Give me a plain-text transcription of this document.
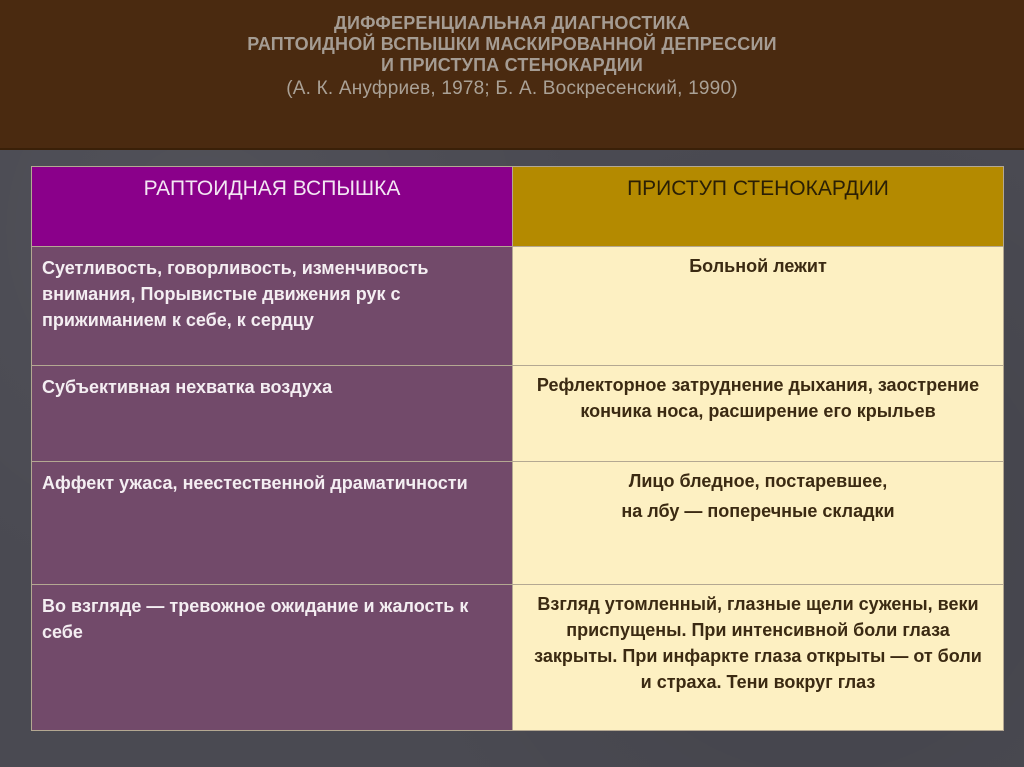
ДИФФЕРЕНЦИАЛЬНАЯ ДИАГНОСТИКА
РАПТОИДНОЙ ВСПЫШКИ МАСКИРОВАННОЙ ДЕПРЕССИИ
И ПРИСТУПА СТЕНОКАРДИИ
(А. К. Ануфриев, 1978; Б. А. Воскресенский, 1990)
РАПТОИДНАЯ ВСПЫШКА	ПРИСТУП СТЕНОКАРДИИ
Суетливость, говорливость, изменчивость внимания, Порывистые движения рук с прижиманием к себе, к сердцу	Больной лежит

Субъективная нехватка воздуха	Рефлекторное затруднение дыхания, заострение кончика носа, расширение его крыльев

Аффект ужаса, неестественной драматичности	Лицо бледное, постаревшее,
на лбу — поперечные складки

Во взгляде — тревожное ожидание и жалость к себе	Взгляд утомленный, глазные щели сужены, веки приспущены. При интенсивной боли глаза закрыты. При инфаркте глаза открыты — от боли и страха. Тени вокруг глаз
